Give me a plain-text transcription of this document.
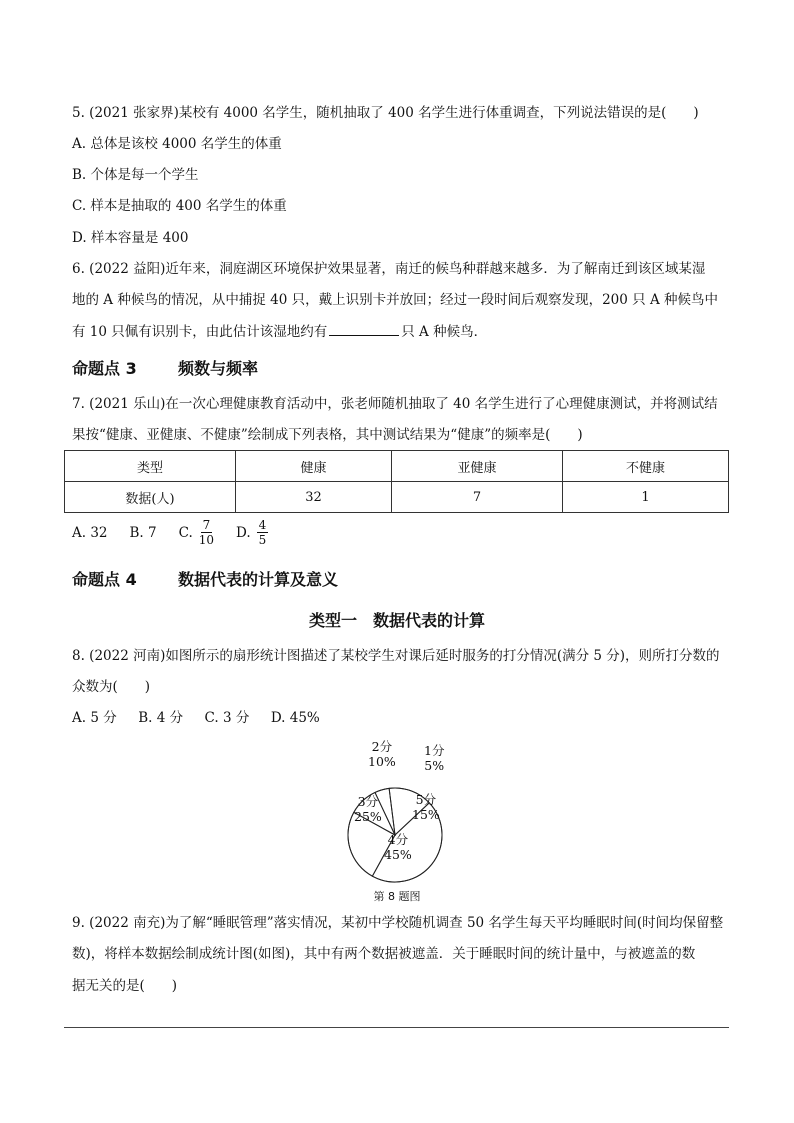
5. (2021 张家界)某校有 4000 名学生，随机抽取了 400 名学生进行体重调查，下列说法错误的是(　　)
A. 总体是该校 4000 名学生的体重
B. 个体是每一个学生
C. 样本是抽取的 400 名学生的体重
D. 样本容量是 400
6. (2022 益阳)近年来，洞庭湖区环境保护效果显著，南迁的候鸟种群越来越多．为了解南迁到该区域某湿
地的 A 种候鸟的情况，从中捕捉 40 只，戴上识别卡并放回；经过一段时间后观察发现，200 只 A 种候鸟中
有 10 只佩有识别卡，由此估计该湿地约有	只 A 种候鸟．
命题点 3	频数与频率
7. (2021 乐山)在一次心理健康教育活动中，张老师随机抽取了 40 名学生进行了心理健康测试，并将测试结
果按“健康、亚健康、不健康”绘制成下列表格，其中测试结果为“健康”的频率是(　　)
类型	健康	亚健康	不健康
数据(人)	32	7	1
A. 32 B. 7 C. $\frac{7}{10} D$. $\frac{4}{5}$
命题点 4	数据代表的计算及意义
类型一　数据代表的计算
8. (2022 河南)如图所示的扇形统计图描述了某校学生对课后延时服务的打分情况(满分 5 分)，则所打分数的
众数为(　　)
A. 5 分 B. 4 分 C. 3 分 D. 45%
1分
5%
5分
15%
4分
45%
3分
25%
2分
10%
第 8 题图
9. (2022 南充)为了解“睡眠管理”落实情况，某初中学校随机调查 50 名学生每天平均睡眠时间(时间均保留整
数)，将样本数据绘制成统计图(如图)，其中有两个数据被遮盖．关于睡眠时间的统计量中，与被遮盖的数
据无关的是(　　)
